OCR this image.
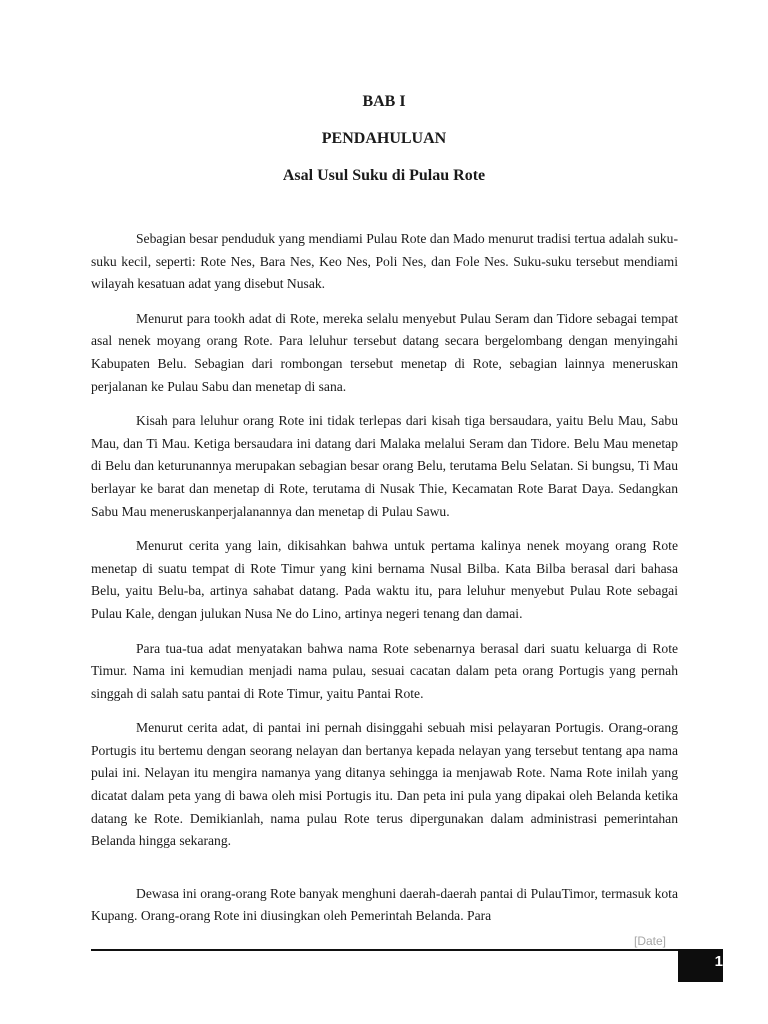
BAB I

PENDAHULUAN

Asal Usul Suku di Pulau Rote

Sebagian besar penduduk yang mendiami Pulau Rote dan Mado menurut tradisi tertua adalah suku-suku kecil, seperti: Rote Nes, Bara Nes, Keo Nes, Poli Nes, dan Fole Nes. Suku-suku tersebut mendiami wilayah kesatuan adat yang disebut Nusak.

Menurut para tookh adat di Rote, mereka selalu menyebut Pulau Seram dan Tidore sebagai tempat asal nenek moyang orang Rote. Para leluhur tersebut datang secara bergelombang dengan menyingahi Kabupaten Belu. Sebagian dari rombongan tersebut menetap di Rote, sebagian lainnya meneruskan perjalanan ke Pulau Sabu dan menetap di sana.

Kisah para leluhur orang Rote ini tidak terlepas dari kisah tiga bersaudara, yaitu Belu Mau, Sabu Mau, dan Ti Mau. Ketiga bersaudara ini datang dari Malaka melalui Seram dan Tidore. Belu Mau menetap di Belu dan keturunannya merupakan sebagian besar orang Belu, terutama Belu Selatan. Si bungsu, Ti Mau berlayar ke barat dan menetap di Rote, terutama di Nusak Thie, Kecamatan Rote Barat Daya. Sedangkan Sabu Mau meneruskanperjalanannya dan menetap di Pulau Sawu.

Menurut cerita yang lain, dikisahkan bahwa untuk pertama kalinya nenek moyang orang Rote menetap di suatu tempat di Rote Timur yang kini bernama Nusal Bilba. Kata Bilba berasal dari bahasa Belu, yaitu Belu-ba, artinya sahabat datang. Pada waktu itu, para leluhur menyebut Pulau Rote sebagai Pulau Kale, dengan julukan Nusa Ne do Lino, artinya negeri tenang dan damai.

Para tua-tua adat menyatakan bahwa nama Rote sebenarnya berasal dari suatu keluarga di Rote Timur. Nama ini kemudian menjadi nama pulau, sesuai cacatan dalam peta orang Portugis yang pernah singgah di salah satu pantai di Rote Timur, yaitu Pantai Rote.

Menurut cerita adat, di pantai ini pernah disinggahi sebuah misi pelayaran Portugis. Orang-orang Portugis itu bertemu dengan seorang nelayan dan bertanya kepada nelayan yang tersebut tentang apa nama pulai ini. Nelayan itu mengira namanya yang ditanya sehingga ia menjawab Rote. Nama Rote inilah yang dicatat dalam peta yang di bawa oleh misi Portugis itu. Dan peta ini pula yang dipakai oleh Belanda ketika datang ke Rote. Demikianlah, nama pulau Rote terus dipergunakan dalam administrasi pemerintahan Belanda hingga sekarang.

Dewasa ini orang-orang Rote banyak menghuni daerah-daerah pantai di PulauTimor, termasuk kota Kupang. Orang-orang Rote ini diusingkan oleh Pemerintah Belanda. Para

[Date]
1
